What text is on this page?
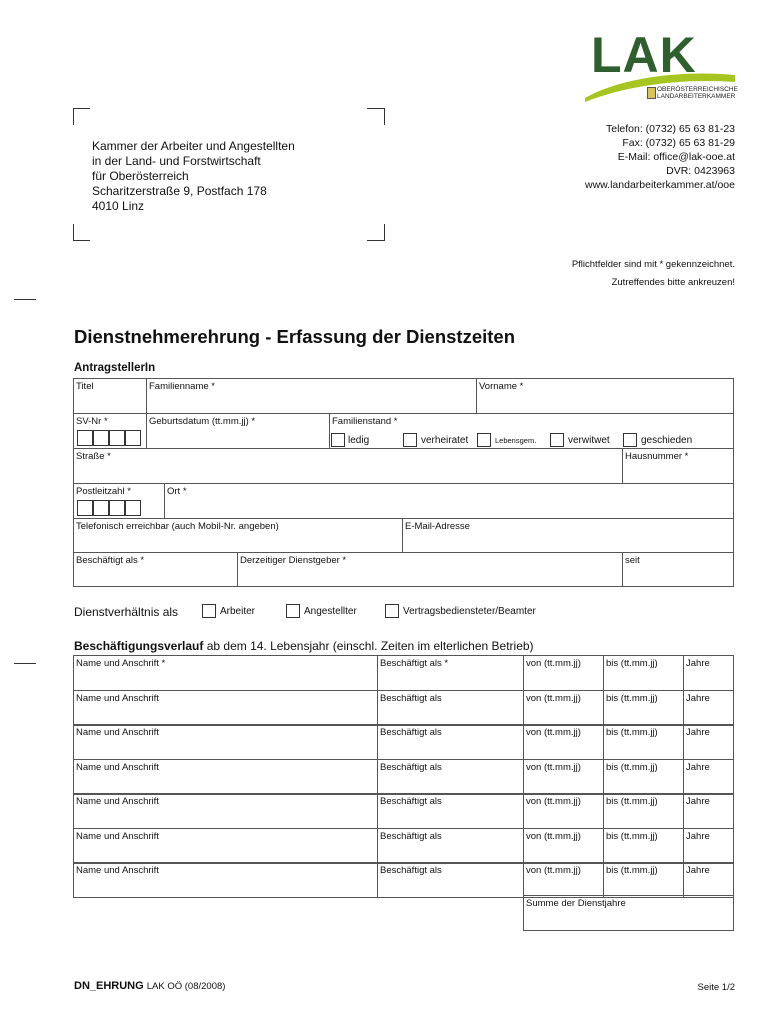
LAK
OBERÖSTERREICHISCHE
LANDARBEITERKAMMER
Kammer der Arbeiter und Angestellten
in der Land- und Forstwirtschaft
für Oberösterreich
Scharitzerstraße 9, Postfach 178
4010 Linz
Telefon: (0732) 65 63 81-23
Fax: (0732) 65 63 81-29
E-Mail: office@lak-ooe.at
DVR: 0423963
www.landarbeiterkammer.at/ooe
Pflichtfelder sind mit * gekennzeichnet.
Zutreffendes bitte ankreuzen!
Dienstnehmerehrung - Erfassung der Dienstzeiten
AntragstellerIn
Titel	Familienname *	Vorname *
SV-Nr *	Geburtsdatum (tt.mm.jj) *	Familienstand *
ledig	verheiratet	Lebensgem.	verwitwet	geschieden
Straße *	Hausnummer *
Postleitzahl *	Ort *
Telefonisch erreichbar (auch Mobil-Nr. angeben)	E-Mail-Adresse
Beschäftigt als *	Derzeitiger Dienstgeber *	seit
Dienstverhältnis als	Arbeiter	Angestellter	Vertragsbediensteter/Beamter
Beschäftigungsverlauf ab dem 14. Lebensjahr (einschl. Zeiten im elterlichen Betrieb)
Name und Anschrift *	Beschäftigt als *	von (tt.mm.jj)	bis (tt.mm.jj)	Jahre
Name und Anschrift	Beschäftigt als	von (tt.mm.jj)	bis (tt.mm.jj)	Jahre
Name und Anschrift	Beschäftigt als	von (tt.mm.jj)	bis (tt.mm.jj)	Jahre
Name und Anschrift	Beschäftigt als	von (tt.mm.jj)	bis (tt.mm.jj)	Jahre
Name und Anschrift	Beschäftigt als	von (tt.mm.jj)	bis (tt.mm.jj)	Jahre
Name und Anschrift	Beschäftigt als	von (tt.mm.jj)	bis (tt.mm.jj)	Jahre
Name und Anschrift	Beschäftigt als	von (tt.mm.jj)	bis (tt.mm.jj)	Jahre
Summe der Dienstjahre
DN_EHRUNG LAK OÖ (08/2008)	Seite 1/2
